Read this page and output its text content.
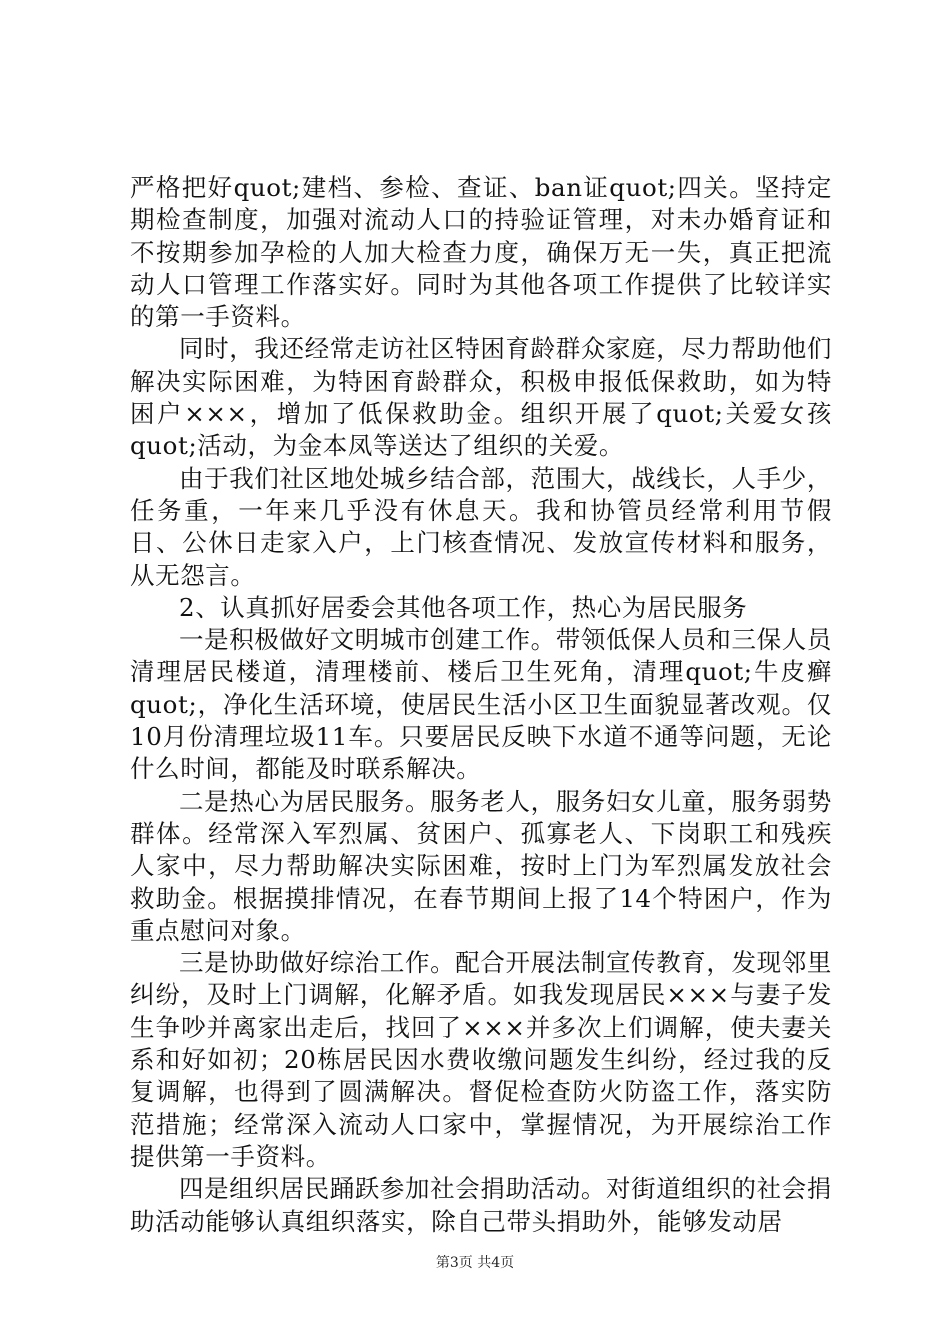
严格把好quot;建档、参检、查证、ban证quot;四关。坚持定期检查制度，加强对流动人口的持验证管理，对未办婚育证和不按期参加孕检的人加大检查力度，确保万无一失，真正把流动人口管理工作落实好。同时为其他各项工作提供了比较详实的第一手资料。

同时，我还经常走访社区特困育龄群众家庭，尽力帮助他们解决实际困难，为特困育龄群众，积极申报低保救助，如为特困户×××，增加了低保救助金。组织开展了quot;关爱女孩quot;活动，为金本凤等送达了组织的关爱。

由于我们社区地处城乡结合部，范围大，战线长，人手少，任务重，一年来几乎没有休息天。我和协管员经常利用节假日、公休日走家入户，上门核查情况、发放宣传材料和服务，从无怨言。

2、认真抓好居委会其他各项工作，热心为居民服务

一是积极做好文明城市创建工作。带领低保人员和三保人员清理居民楼道，清理楼前、楼后卫生死角，清理quot;牛皮癣quot;，净化生活环境，使居民生活小区卫生面貌显著改观。仅10月份清理垃圾11车。只要居民反映下水道不通等问题，无论什么时间，都能及时联系解决。

二是热心为居民服务。服务老人，服务妇女儿童，服务弱势群体。经常深入军烈属、贫困户、孤寡老人、下岗职工和残疾人家中，尽力帮助解决实际困难，按时上门为军烈属发放社会救助金。根据摸排情况，在春节期间上报了14个特困户，作为重点慰问对象。

三是协助做好综治工作。配合开展法制宣传教育，发现邻里纠纷，及时上门调解，化解矛盾。如我发现居民×××与妻子发生争吵并离家出走后，找回了×××并多次上们调解，使夫妻关系和好如初；20栋居民因水费收缴问题发生纠纷，经过我的反复调解，也得到了圆满解决。督促检查防火防盗工作，落实防范措施；经常深入流动人口家中，掌握情况，为开展综治工作提供第一手资料。

四是组织居民踊跃参加社会捐助活动。对街道组织的社会捐助活动能够认真组织落实，除自己带头捐助外，能够发动居

第3页 共4页
